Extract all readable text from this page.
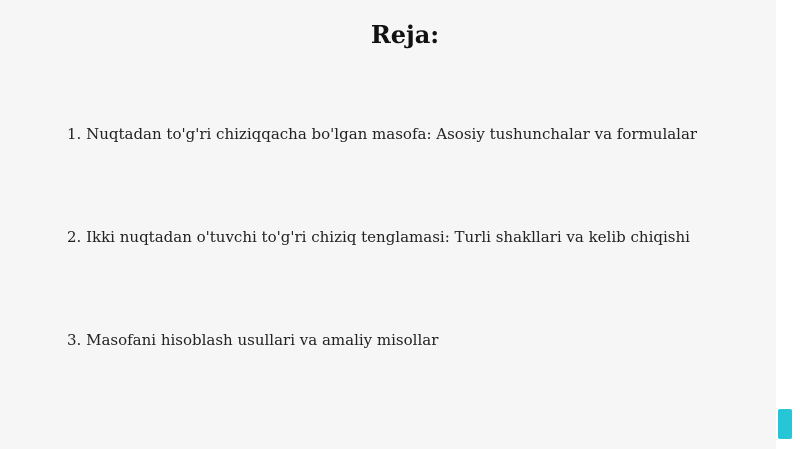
Reja:

1. Nuqtadan to'g'ri chiziqqacha bo'lgan masofa: Asosiy tushunchalar va formulalar

2. Ikki nuqtadan o'tuvchi to'g'ri chiziq tenglamasi: Turli shakllari va kelib chiqishi

3. Masofani hisoblash usullari va amaliy misollar
